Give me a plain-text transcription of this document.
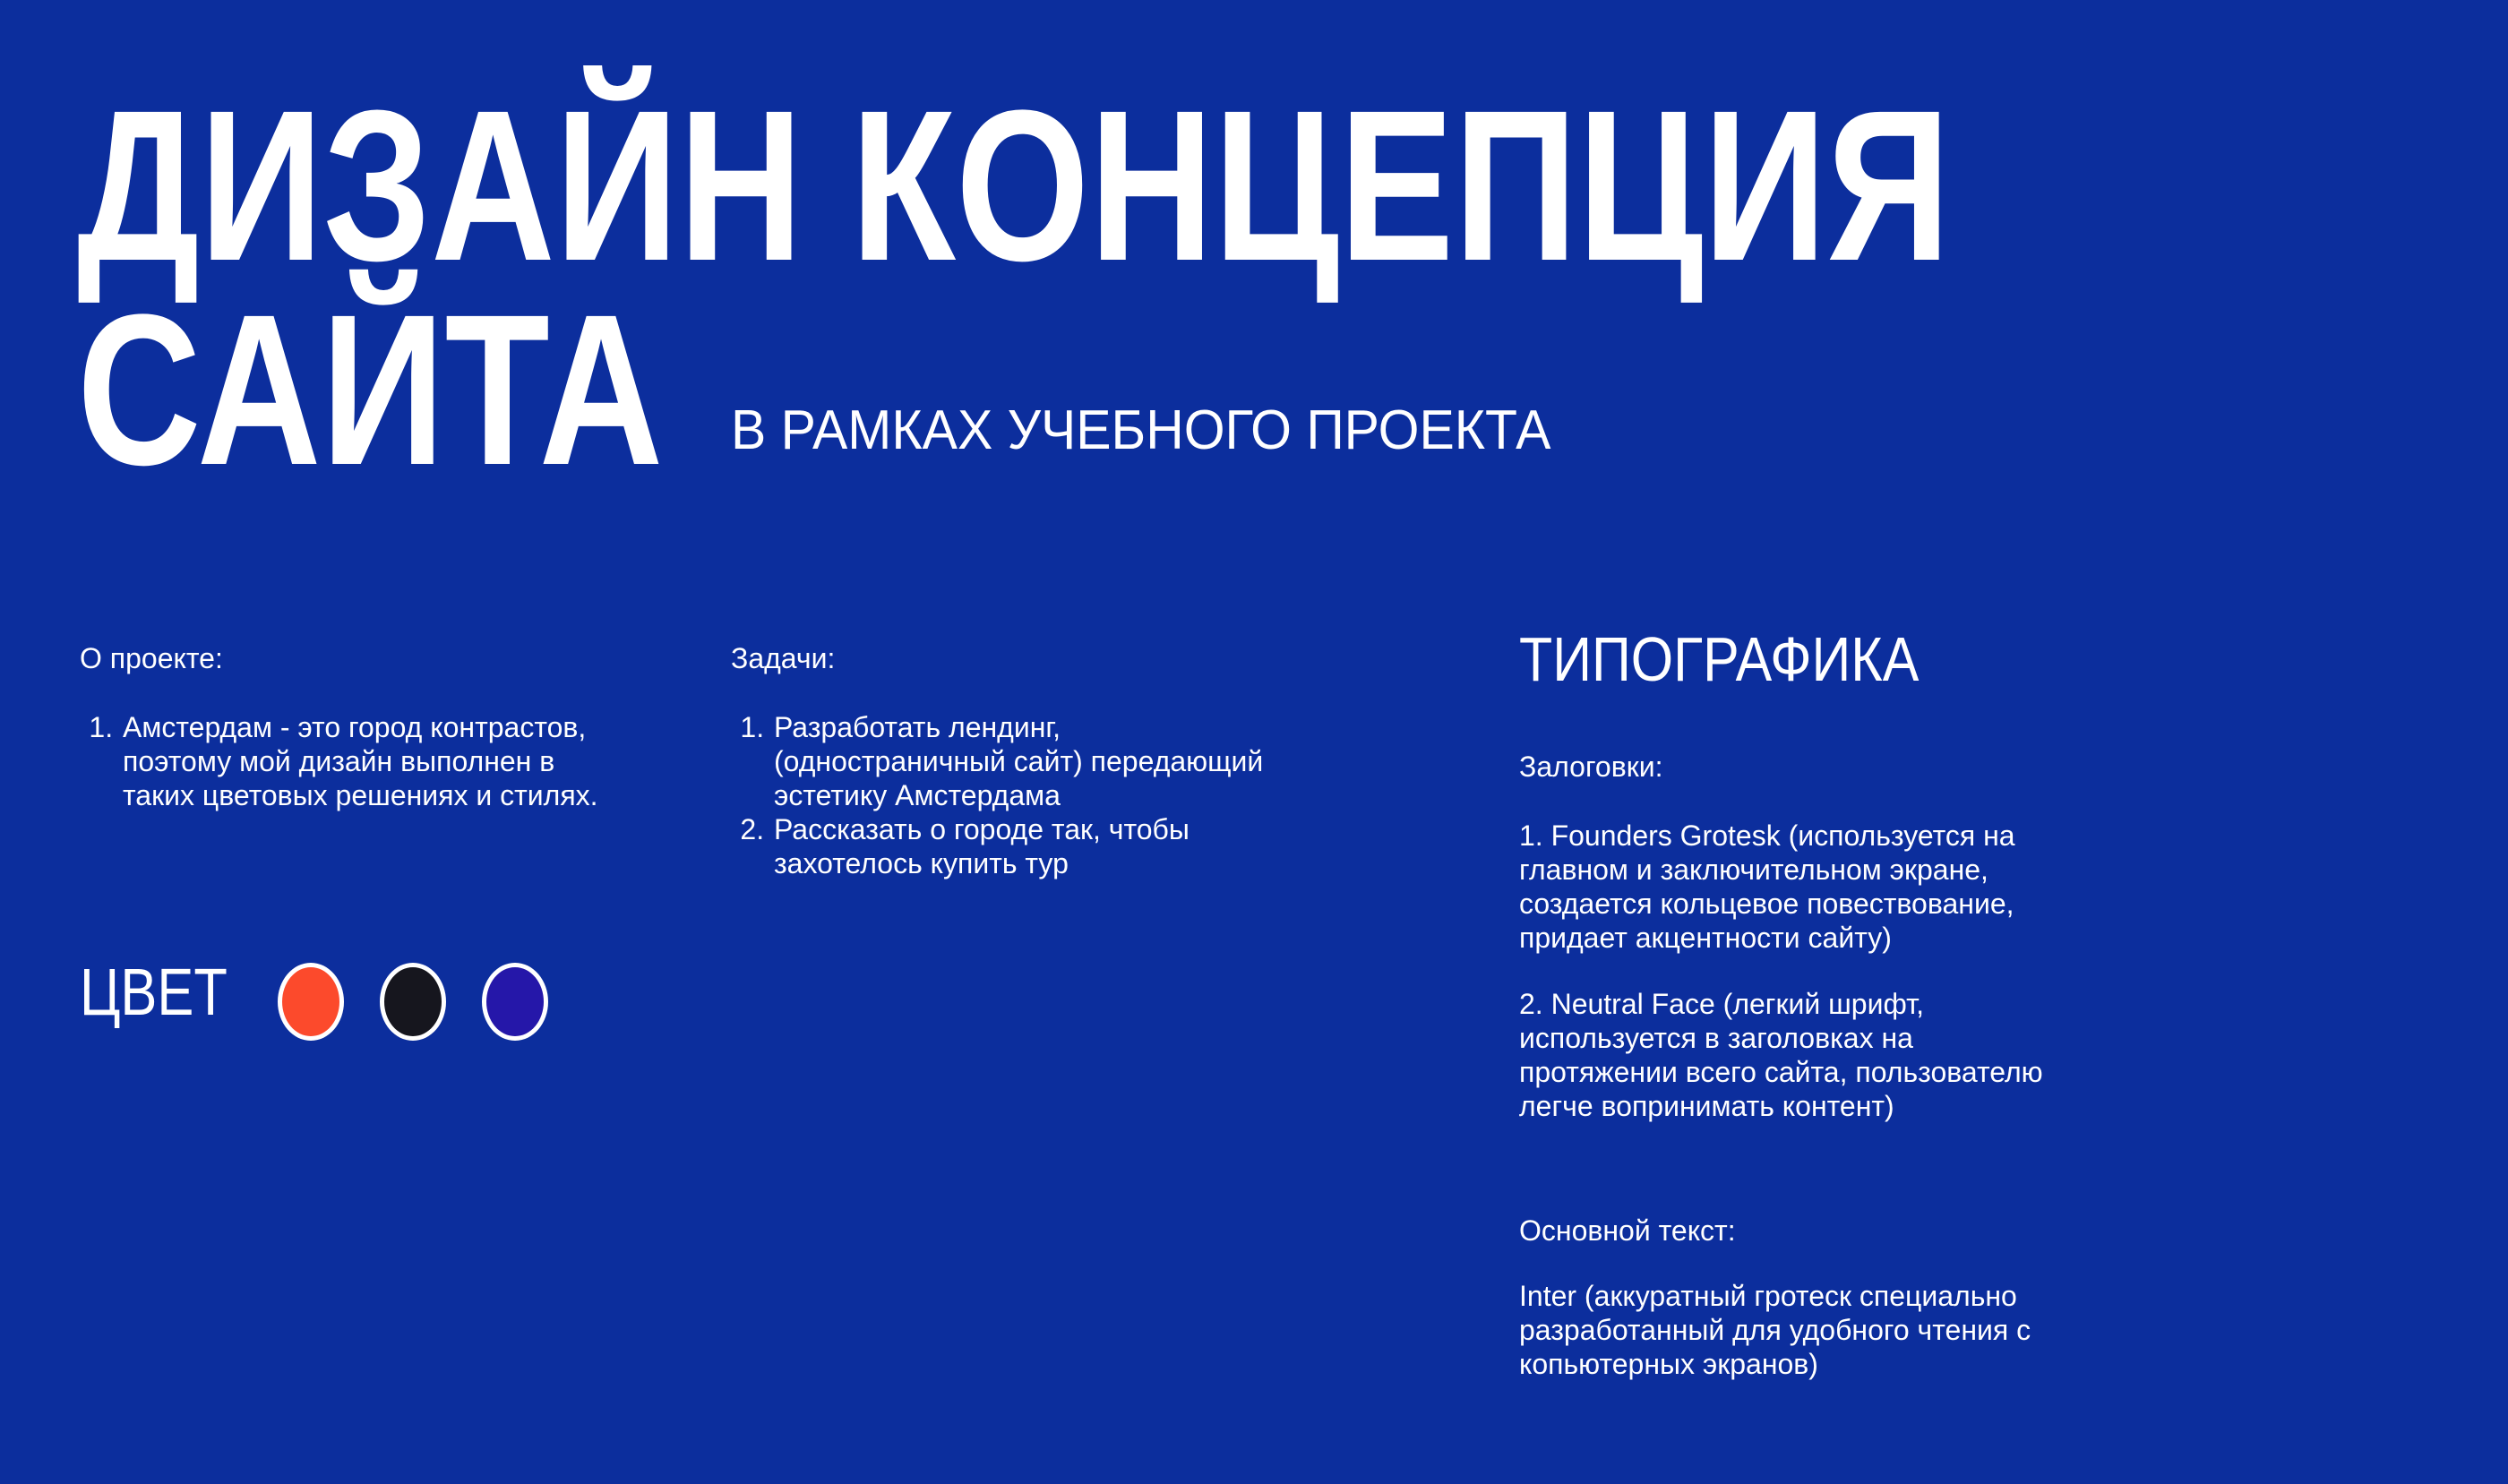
ДИЗАЙН КОНЦЕПЦИЯ
САЙТА	В РАМКАХ УЧЕБНОГО ПРОЕКТА

О проекте:

1. Амстердам - это город контрастов, поэтому мой дизайн выполнен в таких цветовых решениях и стилях.

Задачи:

1. Разработать лендинг, (одностраничный сайт) передающий эстетику Амстердама
2. Рассказать о городе так, чтобы захотелось купить тур
ТИПОГРАФИКА

Залоговки:

1. Founders Grotesk (используется на главном и заключительном экране, создается кольцевое повествование, придает акцентности сайту)

2. Neutral Face (легкий шрифт, используется в заголовках на протяжении всего сайта, пользователю легче вопринимать контент)

Основной текст:

Inter (аккуратный гротеск специально разработанный для удобного чтения с копьютерных экранов)

ЦВЕТ
